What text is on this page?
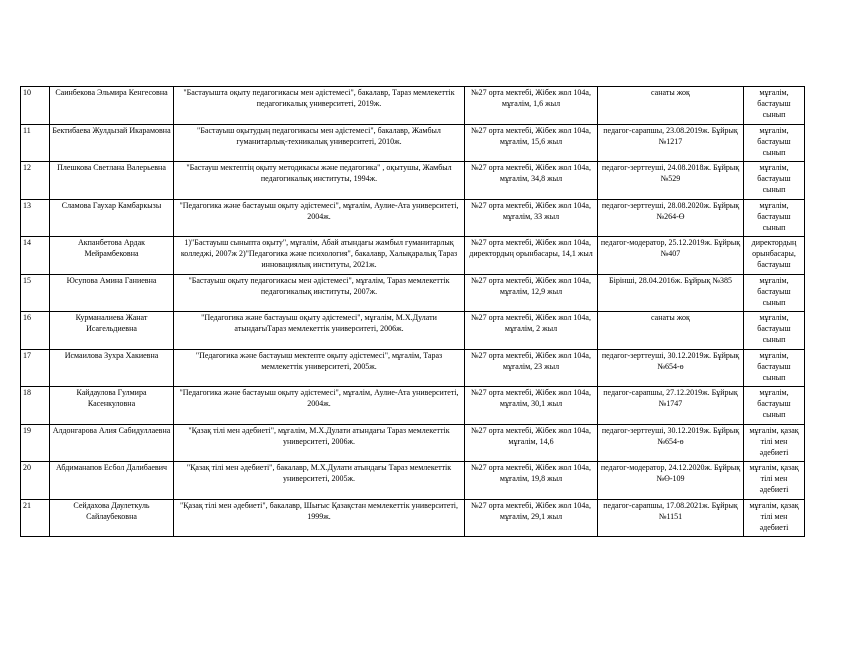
10	Саинбекова Эльмира Кенгесовна	"Бастауышта оқыту педагогикасы мен әдістемесі", бакалавр, Тараз мемлекеттік педагогикалық университеті, 2019ж.	№27 орта мектебі, Жібек жол 104а, мұғалім, 1,6 жыл	санаты жоқ	мұғалім, бастауыш сынып
11	Бектибаева Жулдызай Икарамовна	"Бастауыш оқытудың педагогикасы мен әдістемесі", бакалавр, Жамбыл гуманитарлық-техникалық университеті, 2010ж.	№27 орта мектебі, Жібек жол 104а, мұғалім, 15,6 жыл	педагог-сарапшы, 23.08.2019ж. Бұйрық №1217	мұғалім, бастауыш сынып
12	Плешкова Светлана Валерьевна	"Бастауш мектептің оқыту методикасы және педагогика" , оқытушы, Жамбыл педагогикалық институты, 1994ж.	№27 орта мектебі, Жібек жол 104а, мұғалім, 34,8 жыл	педагог-зерттеуші, 24.08.2018ж. Бұйрық №529	мұғалім, бастауыш сынып
13	Сламова Гаухар Камбаркызы	"Педагогика және бастауыш оқыту әдістемесі", мұғалім, Аулие-Ата университеті, 2004ж.	№27 орта мектебі, Жібек жол 104а, мұғалім, 33 жыл	педагог-зерттеуші, 28.08.2020ж. Бұйрық №264-Ө	мұғалім, бастауыш сынып
14	Акпанбетова Ардак Мейрамбековна	1)"Бастауыш сыныпта оқыту", мұғалім, Абай атындағы жамбыл гуманитарлық колледжі, 2007ж 2)"Педагогика және психология", бакалавр, Халықаралық Тараз инновациялық институты, 2021ж.	№27 орта мектебі, Жібек жол 104а, директордың орынбасары, 14,1 жыл	педагог-модератор, 25.12.2019ж. Бұйрық №407	директордың орынбасары, бастауыш
15	Юсупова Амина Ганиевна	"Бастауыш оқыту педагогикасы мен әдістемесі", мұғалім, Тараз мемлекеттік педагогикалық институты, 2007ж.	№27 орта мектебі, Жібек жол 104а, мұғалім, 12,9 жыл	Бірінші, 28.04.2016ж. Бұйрық №385	мұғалім, бастауыш сынып
16	Курманалиева Жанат Исагельдиевна	"Педагогика және бастауыш оқыту әдістемесі", мұғалім, М.Х.Дулати атындағыТараз мемлекеттік университеті, 2006ж.	№27 орта мектебі, Жібек жол 104а, мұғалім, 2 жыл	санаты жоқ	мұғалім, бастауыш сынып
17	Исмаилова Зухра Хакиевна	"Педагогика және бастауыш мектепте оқыту әдістемесі", мұғалім, Тараз мемлекеттік университеті, 2005ж.	№27 орта мектебі, Жібек жол 104а, мұғалім, 23 жыл	педагог-зерттеуші, 30.12.2019ж. Бұйрық №654-ө	мұғалім, бастауыш сынып
18	Кайдаулова Гулмира Касенкуловна	"Педагогика және бастауыш оқыту әдістемесі", мұғалім, Аулие-Ата университеті, 2004ж.	№27 орта мектебі, Жібек жол 104а, мұғалім, 30,1 жыл	педагог-сарапшы, 27.12.2019ж. Бұйрық №1747	мұғалім, бастауыш сынып
19	Алдонгарова Алия Сабидуллаевна	"Қазақ тілі мен әдебиеті", мұғалім, М.Х.Дулати атындағы Тараз мемлекеттік университеті, 2006ж.	№27 орта мектебі, Жібек жол 104а, мұғалім, 14,6	педагог-зерттеуші, 30.12.2019ж. Бұйрық №654-ө	мұғалім, қазақ тілі мен әдебиеті
20	Абдиманапов Есбол Далибаевич	"Қазақ тілі мен әдебиеті", бакалавр, М.Х.Дулати атындағы Тараз мемлекеттік университеті, 2005ж.	№27 орта мектебі, Жібек жол 104а, мұғалім, 19,8 жыл	педагог-модератор, 24.12.2020ж. Бұйрық №Ө-109	мұғалім, қазақ тілі мен әдебиеті
21	Сейдахова Даулеткуль Сайлаубековна	"Қазақ тілі мен әдебиеті", бакалавр, Шығыс Қазақстан мемлекеттік университеті, 1999ж.	№27 орта мектебі, Жібек жол 104а, мұғалім, 29,1 жыл	педагог-сарапшы, 17.08.2021ж. Бұйрық №1151	мұғалім, қазақ тілі мен әдебиеті
